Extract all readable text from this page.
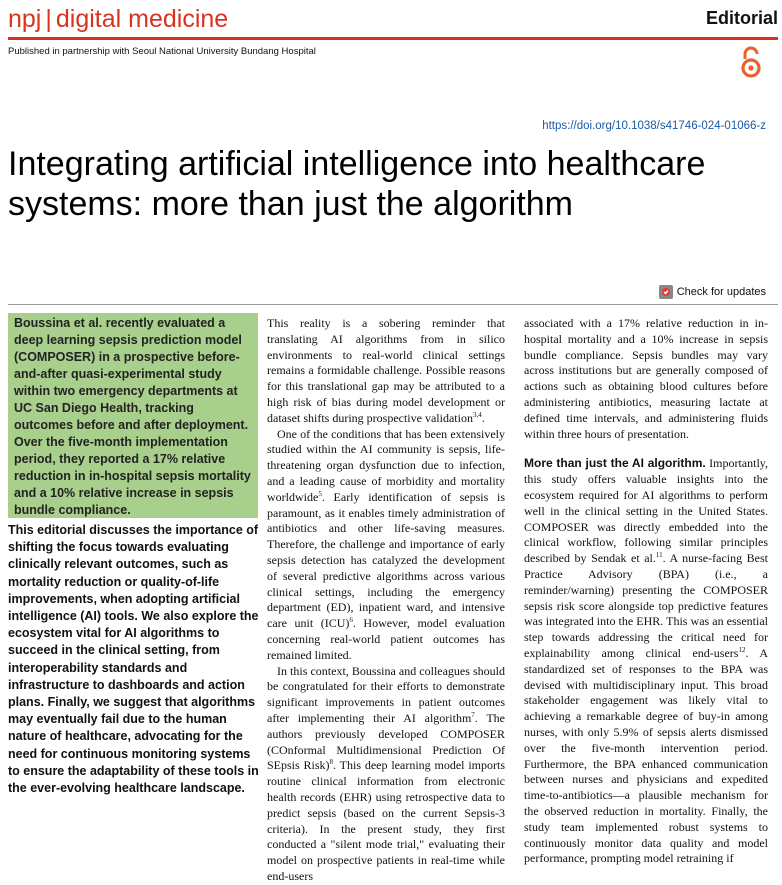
npj | digital medicine	Editorial
Published in partnership with Seoul National University Bundang Hospital
https://doi.org/10.1038/s41746-024-01066-z
Integrating artificial intelligence into healthcare systems: more than just the algorithm
Check for updates
Boussina et al. recently evaluated a deep learning sepsis prediction model (COMPOSER) in a prospective before-and-after quasi-experimental study within two emergency departments at UC San Diego Health, tracking outcomes before and after deployment. Over the five-month implementation period, they reported a 17% relative reduction in in-hospital sepsis mortality and a 10% relative increase in sepsis bundle compliance.
This editorial discusses the importance of shifting the focus towards evaluating clinically relevant outcomes, such as mortality reduction or quality-of-life improvements, when adopting artificial intelligence (AI) tools. We also explore the ecosystem vital for AI algorithms to succeed in the clinical setting, from interoperability standards and infrastructure to dashboards and action plans. Finally, we suggest that algorithms may eventually fail due to the human nature of healthcare, advocating for the need for continuous monitoring systems to ensure the adaptability of these tools in the ever-evolving healthcare landscape.

This reality is a sobering reminder that translating AI algorithms from in silico environments to real-world clinical settings remains a formidable challenge. Possible reasons for this translational gap may be attributed to a high risk of bias during model development or dataset shifts during prospective validation$^{3,4}$.

One of the conditions that has been extensively studied within the AI community is sepsis, life-threatening organ dysfunction due to infection, and a leading cause of morbidity and mortality worldwide$^5$. Early identification of sepsis is paramount, as it enables timely administration of antibiotics and other life-saving measures. Therefore, the challenge and importance of early sepsis detection has catalyzed the development of several predictive algorithms across various clinical settings, including the emergency department (ED), inpatient ward, and intensive care unit (ICU)$^6$. However, model evaluation concerning real-world patient outcomes has remained limited.

In this context, Boussina and colleagues should be congratulated for their efforts to demonstrate significant improvements in patient outcomes after implementing their AI algorithm$^7$. The authors previously developed COMPOSER (COnformal Multidimensional Prediction Of SEpsis Risk)$^8$. This deep learning model imports routine clinical information from electronic health records (EHR) using retrospective data to predict sepsis (based on the current Sepsis-3 criteria). In the present study, they first conducted a "silent mode trial," evaluating their model on prospective patients in real-time while end-users

associated with a 17% relative reduction in in-hospital mortality and a 10% increase in sepsis bundle compliance. Sepsis bundles may vary across institutions but are generally composed of actions such as obtaining blood cultures before administering antibiotics, measuring lactate at defined time intervals, and administering fluids within three hours of presentation.

More than just the AI algorithm. Importantly, this study offers valuable insights into the ecosystem required for AI algorithms to perform well in the clinical setting in the United States. COMPOSER was directly embedded into the clinical workflow, following similar principles described by Sendak et al.$^{11}$. A nurse-facing Best Practice Advisory (BPA) (i.e., a reminder/warning) presenting the COMPOSER sepsis risk score alongside top predictive features was integrated into the EHR. This was an essential step towards addressing the critical need for explainability among clinical end-users$^{12}$. A standardized set of responses to the BPA was devised with multidisciplinary input. This broad stakeholder engagement was likely vital to achieving a remarkable degree of buy-in among nurses, with only 5.9% of sepsis alerts dismissed over the five-month intervention period. Furthermore, the BPA enhanced communication between nurses and physicians and expedited time-to-antibiotics—a plausible mechanism for the observed reduction in mortality. Finally, the study team implemented robust systems to continuously monitor data quality and model performance, prompting model retraining if
